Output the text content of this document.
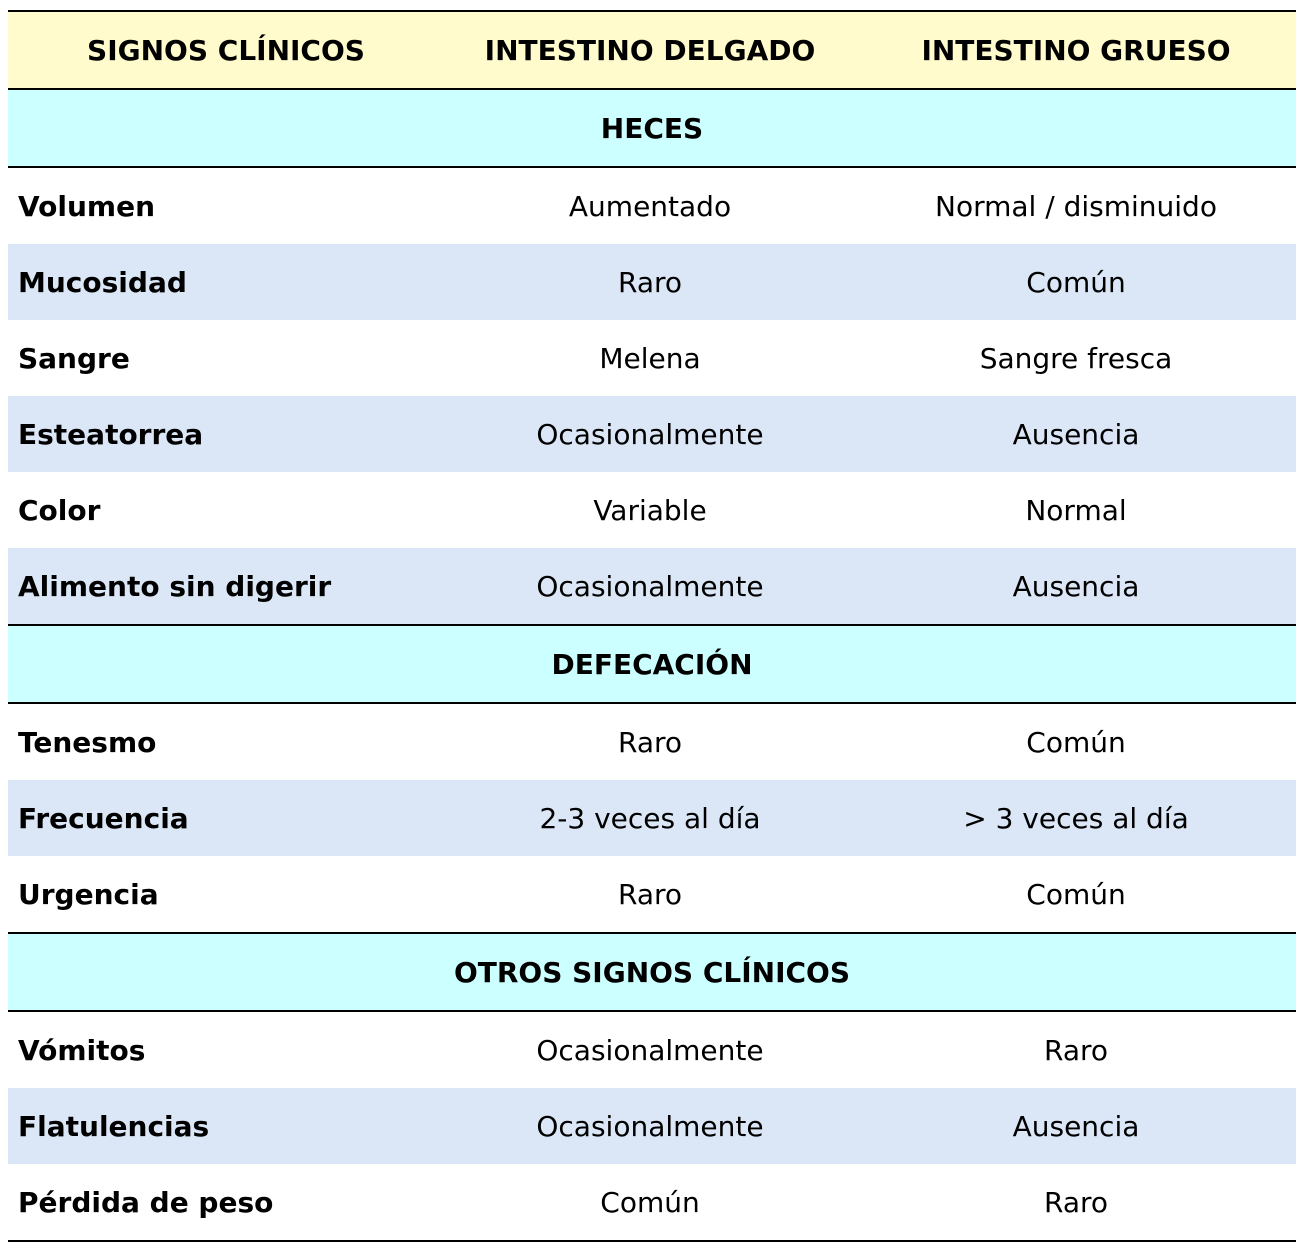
SIGNOS CLÍNICOS	INTESTINO DELGADO	INTESTINO GRUESO
HECES		
Volumen	Aumentado	Normal / disminuido
Mucosidad	Raro	Común
Sangre	Melena	Sangre fresca
Esteatorrea	Ocasionalmente	Ausencia
Color	Variable	Normal
Alimento sin digerir	Ocasionalmente	Ausencia
DEFECACIÓN		
Tenesmo	Raro	Común
Frecuencia	2-3 veces al día	> 3 veces al día
Urgencia	Raro	Común
OTROS SIGNOS CLÍNICOS		
Vómitos	Ocasionalmente	Raro
Flatulencias	Ocasionalmente	Ausencia
Pérdida de peso	Común	Raro
